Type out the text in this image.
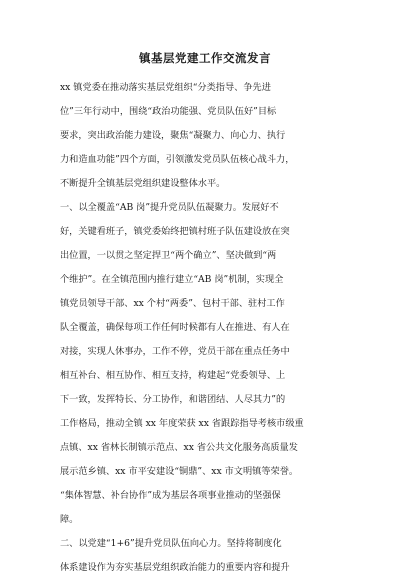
镇基层党建工作交流发言
xx 镇党委在推动落实基层党组织“分类指导、争先进
位”三年行动中，围绕“政治功能强、党员队伍好”目标
要求，突出政治能力建设，聚焦“凝聚力、向心力、执行
力和造血功能”四个方面，引领激发党员队伍核心战斗力，
不断提升全镇基层党组织建设整体水平。
一、以全覆盖“AB 岗”提升党员队伍凝聚力。发展好不
好，关键看班子，镇党委始终把镇村班子队伍建设放在突
出位置，一以贯之坚定捍卫“两个确立”、坚决做到“两
个维护”。在全镇范围内推行建立“AB 岗”机制，实现全
镇党员领导干部、xx 个村“两委”、包村干部、驻村工作
队全覆盖，确保每项工作任何时候都有人在推进、有人在
对接，实现人休事办，工作不停，党员干部在重点任务中
相互补台、相互协作、相互支持，构建起“党委领导、上
下一致，发挥特长、分工协作，和谐团结、人尽其力”的
工作格局，推动全镇 xx 年度荣获 xx 省跟踪指导考核市级重
点镇、xx 省林长制镇示范点、xx 省公共文化服务高质量发
展示范乡镇、xx 市平安建设“铜鼎”、xx 市文明镇等荣誉。
“集体智慧、补台协作”成为基层各项事业推动的坚强保
障。
二、以党建“1+6”提升党员队伍向心力。坚持将制度化
体系建设作为夯实基层党组织政治能力的重要内容和提升
